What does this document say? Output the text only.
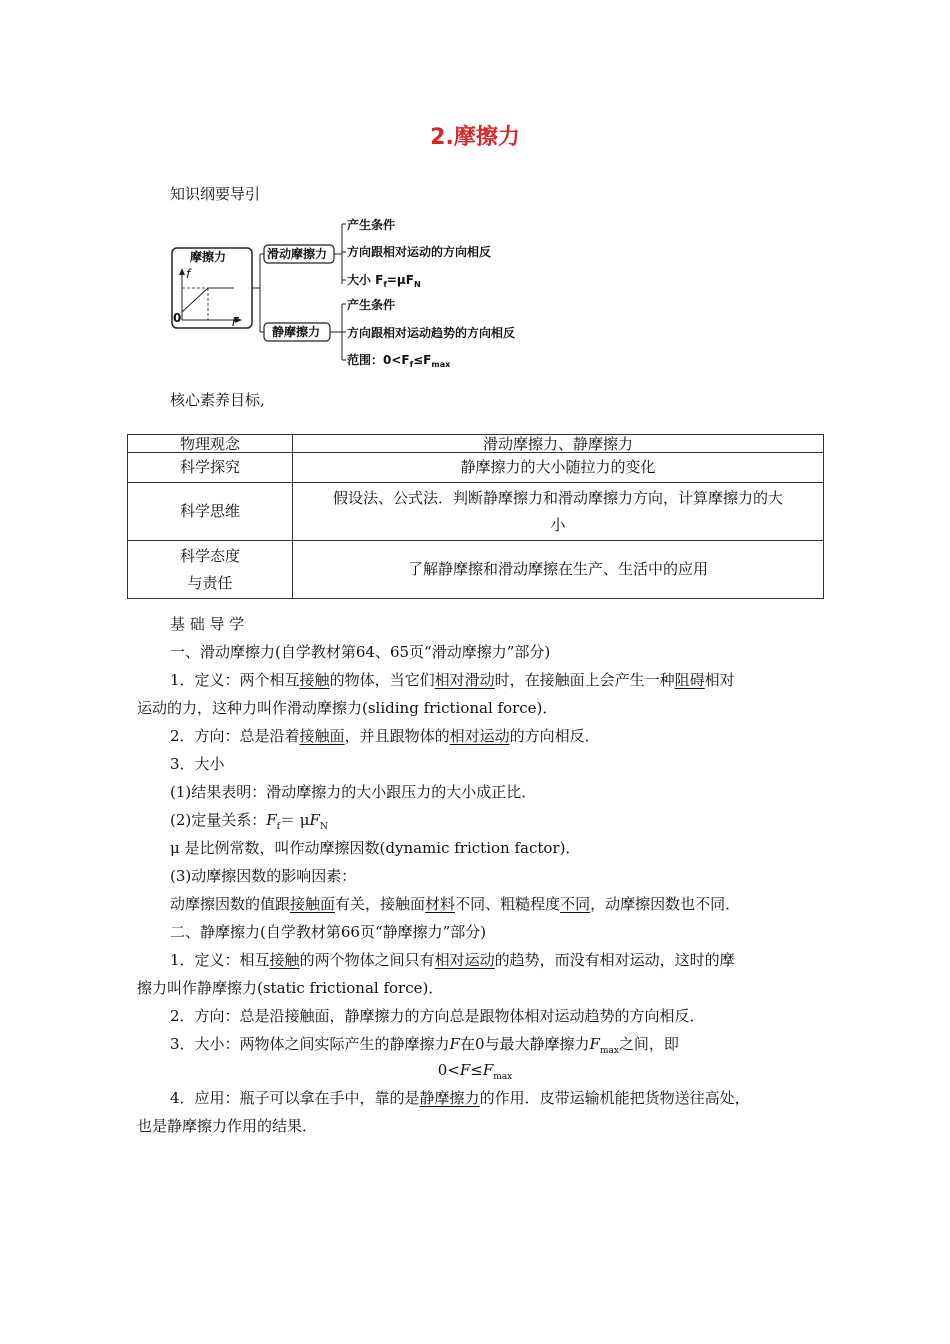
2.摩擦力
知识纲要导引
摩擦力
f
0	F
滑动摩擦力
产生条件
方向跟相对运动的方向相反
大小 $F_f=\mu F_N$
静摩擦力
产生条件
方向跟相对运动趋势的方向相反
范围：$0<F_f\le F_{max}$
核心素养目标,
物理观念	滑动摩擦力、静摩擦力
科学探究	静摩擦力的大小随拉力的变化
科学思维	假设法、公式法．判断静摩擦力和滑动摩擦力方向，计算摩擦力的大
小

科学态度
与责任	了解静摩擦和滑动摩擦在生产、生活中的应用
基 础 导 学
一、滑动摩擦力(自学教材第64、65页“滑动摩擦力”部分)
1．定义：两个相互接触的物体，当它们相对滑动时，在接触面上会产生一种阻碍相对
运动的力，这种力叫作滑动摩擦力(sliding frictional force)．
2．方向：总是沿着接触面，并且跟物体的相对运动的方向相反．
3．大小
(1)结果表明：滑动摩擦力的大小跟压力的大小成正比．
(2)定量关系：$F_f= \mu F_N$
μ 是比例常数，叫作动摩擦因数(dynamic friction factor)．
(3)动摩擦因数的影响因素：
动摩擦因数的值跟接触面有关，接触面材料不同、粗糙程度不同，动摩擦因数也不同．
二、静摩擦力(自学教材第66页“静摩擦力”部分)
1．定义：相互接触的两个物体之间只有相对运动的趋势，而没有相对运动，这时的摩
擦力叫作静摩擦力(static frictional force)．
2．方向：总是沿接触面，静摩擦力的方向总是跟物体相对运动趋势的方向相反．
3．大小：两物体之间实际产生的静摩擦力F在0与最大静摩擦力$F_{max}$之间，即
$0<F\le F_{max}$
4．应用：瓶子可以拿在手中，靠的是静摩擦力的作用．皮带运输机能把货物送往高处，
也是静摩擦力作用的结果．
